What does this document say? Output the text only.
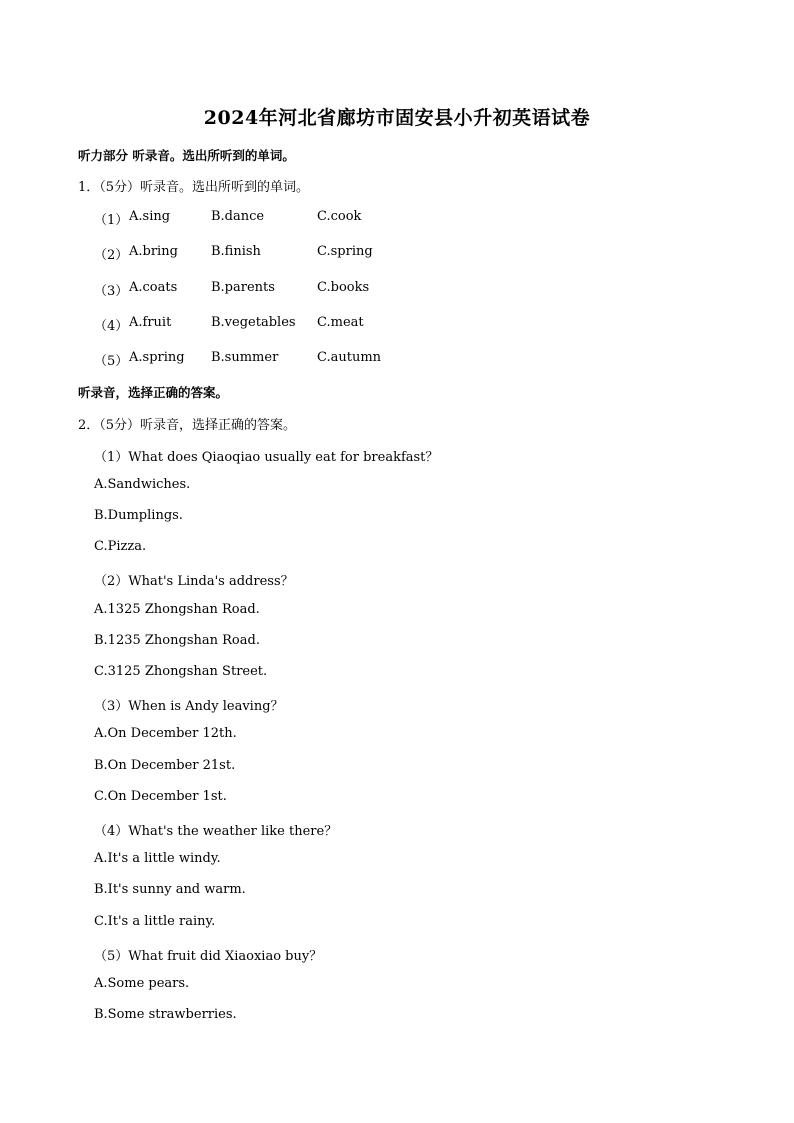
2024年河北省廊坊市固安县小升初英语试卷
听力部分 听录音。选出所听到的单词。
1．（5分）听录音。选出所听到的单词。
（1） A.sing	B.dance	C.cook
（2） A.bring	B.finish	C.spring
（3） A.coats	B.parents	C.books
（4） A.fruit	B.vegetables C.meat
（5） A.spring B.summer	C.autumn
听录音，选择正确的答案。
2．（5分）听录音，选择正确的答案。
（1）What does Qiaoqiao usually eat for breakfast？
A.Sandwiches.
B.Dumplings.
C.Pizza.
（2）What's Linda's address？
A.1325 Zhongshan Road.
B.1235 Zhongshan Road.
C.3125 Zhongshan Street.
（3）When is Andy leaving？
A.On December 12th.
B.On December 21st.
C.On December 1st.
（4）What's the weather like there？
A.It's a little windy.
B.It's sunny and warm.
C.It's a little rainy.
（5）What fruit did Xiaoxiao buy？
A.Some pears.
B.Some strawberries.
